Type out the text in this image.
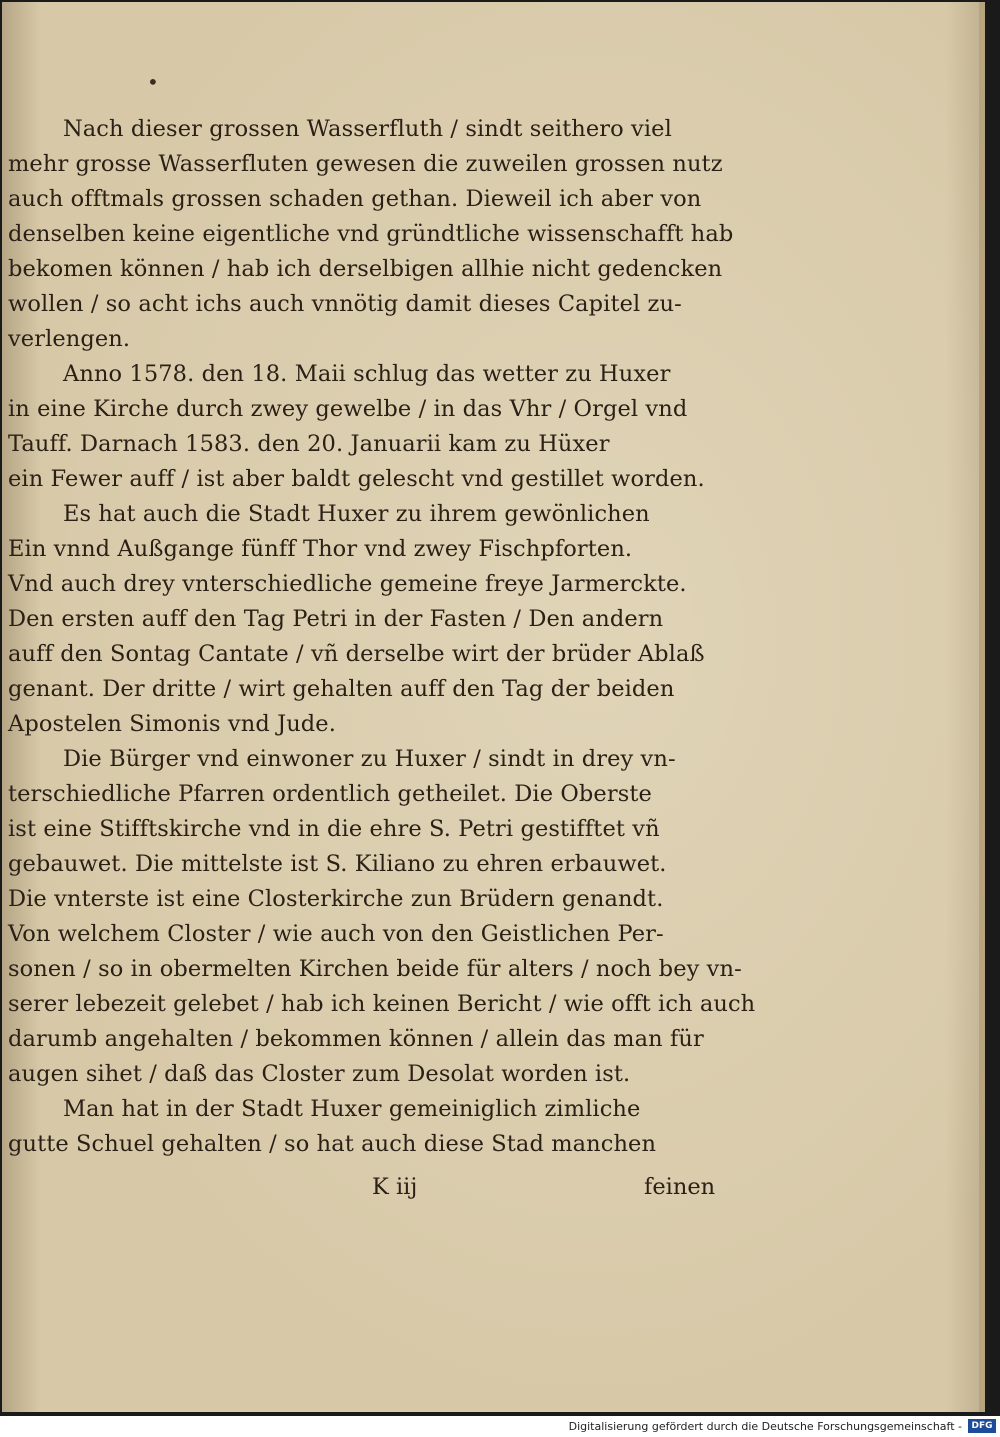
•
Nach dieser grossen Wasserfluth / sindt seithero viel
mehr grosse Wasserfluten gewesen die zuweilen grossen nutz
auch offtmals grossen schaden gethan. Dieweil ich aber von
denselben keine eigentliche vnd gründtliche wissenschafft hab
bekomen können / hab ich derselbigen allhie nicht gedencken
wollen / so acht ichs auch vnnötig damit dieses Capitel zu-
verlengen.
Anno 1578. den 18. Maii schlug das wetter zu Huxer
in eine Kirche durch zwey gewelbe / in das Vhr / Orgel vnd
Tauff. Darnach 1583. den 20. Januarii kam zu Hüxer
ein Fewer auff / ist aber baldt gelescht vnd gestillet worden.
Es hat auch die Stadt Huxer zu ihrem gewönlichen
Ein vnnd Außgange fünff Thor vnd zwey Fischpforten.
Vnd auch drey vnterschiedliche gemeine freye Jarmerckte.
Den ersten auff den Tag Petri in der Fasten / Den andern
auff den Sontag Cantate / vñ derselbe wirt der brüder Ablaß
genant. Der dritte / wirt gehalten auff den Tag der beiden
Apostelen Simonis vnd Jude.
Die Bürger vnd einwoner zu Huxer / sindt in drey vn-
terschiedliche Pfarren ordentlich getheilet. Die Oberste
ist eine Stifftskirche vnd in die ehre S. Petri gestifftet vñ
gebauwet. Die mittelste ist S. Kiliano zu ehren erbauwet.
Die vnterste ist eine Closterkirche zun Brüdern genandt.
Von welchem Closter / wie auch von den Geistlichen Per-
sonen / so in obermelten Kirchen beide für alters / noch bey vn-
serer lebezeit gelebet / hab ich keinen Bericht / wie offt ich auch
darumb angehalten / bekommen können / allein das man für
augen sihet / daß das Closter zum Desolat worden ist.
Man hat in der Stadt Huxer gemeiniglich zimliche
gutte Schuel gehalten / so hat auch diese Stad manchen
K iij	feinen
Digitalisierung gefördert durch die Deutsche Forschungsgemeinschaft -	DFG
